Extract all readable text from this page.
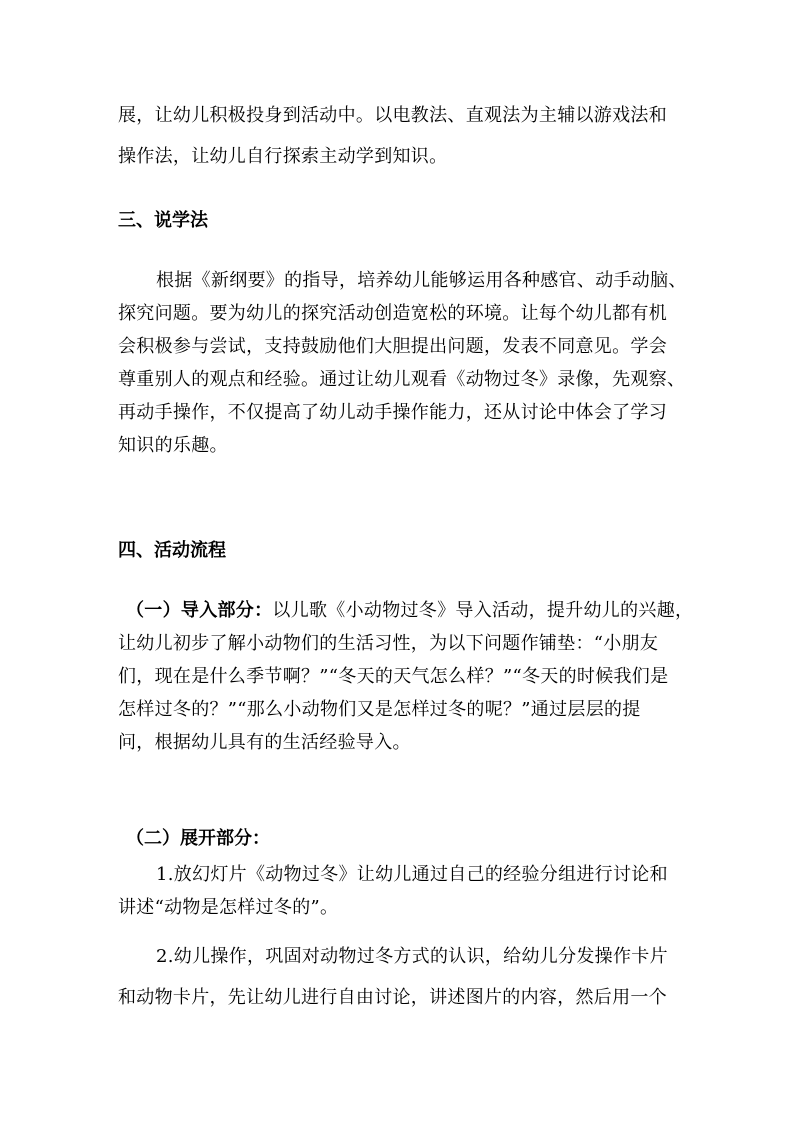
展，让幼儿积极投身到活动中。以电教法、直观法为主辅以游戏法和
操作法，让幼儿自行探索主动学到知识。
三、说学法
根据《新纲要》的指导，培养幼儿能够运用各种感官、动手动脑、
探究问题。要为幼儿的探究活动创造宽松的环境。让每个幼儿都有机
会积极参与尝试，支持鼓励他们大胆提出问题，发表不同意见。学会
尊重别人的观点和经验。通过让幼儿观看《动物过冬》录像，先观察、
再动手操作，不仅提高了幼儿动手操作能力，还从讨论中体会了学习
知识的乐趣。
四、活动流程
（一）导入部分：以儿歌《小动物过冬》导入活动，提升幼儿的兴趣，
让幼儿初步了解小动物们的生活习性，为以下问题作铺垫：“小朋友
们，现在是什么季节啊？”“冬天的天气怎么样？”“冬天的时候我们是
怎样过冬的？”“那么小动物们又是怎样过冬的呢？”通过层层的提
问，根据幼儿具有的生活经验导入。
（二）展开部分：
1.放幻灯片《动物过冬》让幼儿通过自己的经验分组进行讨论和
讲述“动物是怎样过冬的”。
2.幼儿操作，巩固对动物过冬方式的认识，给幼儿分发操作卡片
和动物卡片，先让幼儿进行自由讨论，讲述图片的内容，然后用一个
